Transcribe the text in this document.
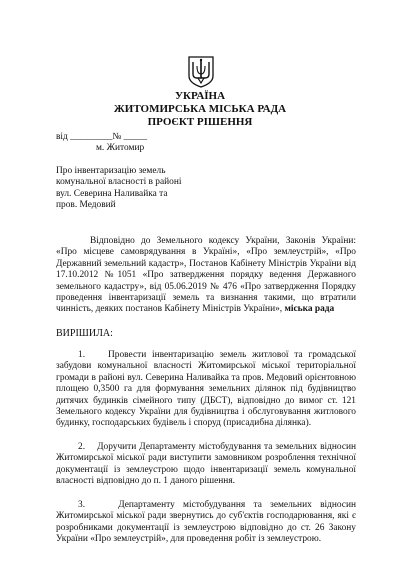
УКРАЇНА
ЖИТОМИРСЬКА МІСЬКА РАДА
ПРОЄКТ РІШЕННЯ
від _________№ _____
м. Житомир
Про інвентаризацію земель
комунальної власності в районі
вул. Северина Наливайка та
пров. Медовий
Відповідно до Земельного кодексу України, Законів України: «Про місцеве самоврядування в Україні», «Про землеустрій», «Про Державний земельний кадастр», Постанов Кабінету Міністрів України від 17.10.2012 №1051 «Про затвердження порядку ведення Державного земельного кадастру», від 05.06.2019 № 476 «Про затвердження Порядку проведення інвентаризації земель та визнання такими, що втратили чинність, деяких постанов Кабінету Міністрів України», міська рада
ВИРІШИЛА:
1. Провести інвентаризацію земель житлової та громадської забудови комунальної власності Житомирської міської територіальної громади в районі вул. Северина Наливайка та пров. Медовий орієнтовною площею 0,3500 га для формування земельних ділянок під будівництво дитячих будинків сімейного типу (ДБСТ), відповідно до вимог ст. 121 Земельного кодексу України для будівництва і обслуговування житлового будинку, господарських будівель і споруд (присадибна ділянка).
2. Доручити Департаменту містобудування та земельних відносин Житомирської міської ради виступити замовником розроблення технічної документації із землеустрою щодо інвентаризації земель комунальної власності відповідно до п. 1 даного рішення.
3.	Департаменту містобудування та земельних відносин Житомирської міської ради звернутись до суб'єктів господарювання, які є розробниками документації із землеустрою відповідно до ст. 26 Закону України «Про землеустрій», для проведення робіт із землеустрою.
